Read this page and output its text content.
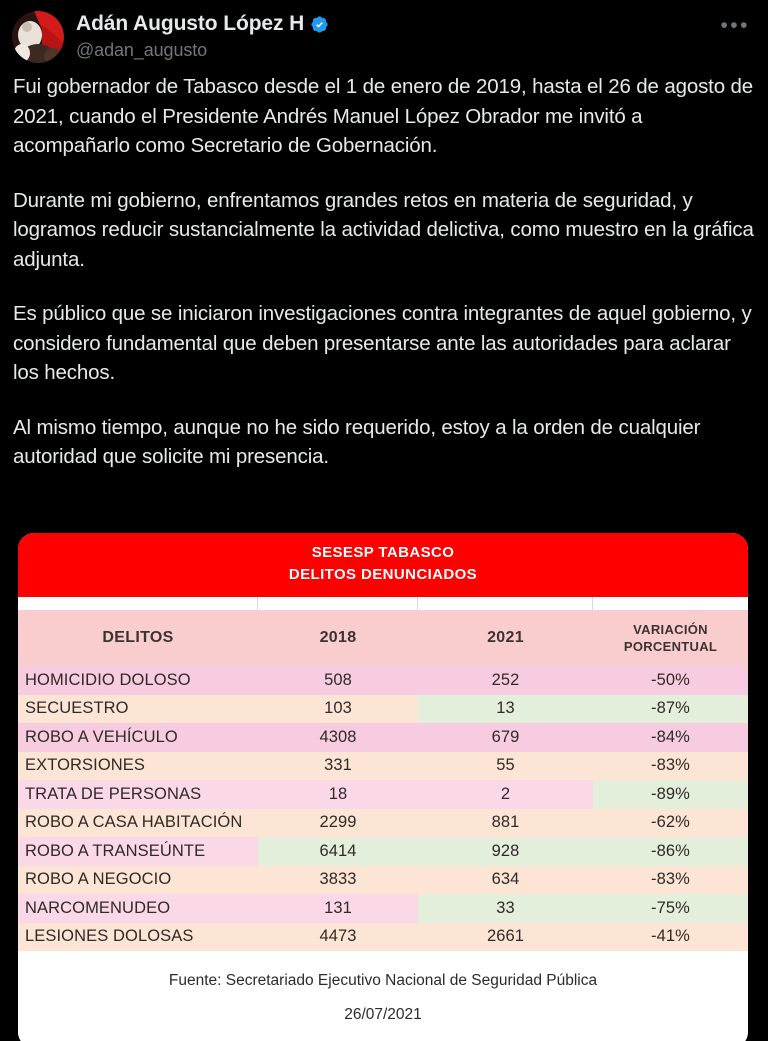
Adán Augusto López H
@adan_augusto
•••

Fui gobernador de Tabasco desde el 1 de enero de 2019, hasta el 26 de agosto de 2021, cuando el Presidente Andrés Manuel López Obrador me invitó a acompañarlo como Secretario de Gobernación.

Durante mi gobierno, enfrentamos grandes retos en materia de seguridad, y logramos reducir sustancialmente la actividad delictiva, como muestro en la gráfica adjunta.

Es público que se iniciaron investigaciones contra integrantes de aquel gobierno, y considero fundamental que deben presentarse ante las autoridades para aclarar los hechos.

Al mismo tiempo, aunque no he sido requerido, estoy a la orden de cualquier autoridad que solicite mi presencia.

SESESP TABASCO
DELITOS DENUNCIADOS
DELITOS	2018	2021	VARIACIÓN
PORCENTUAL
HOMICIDIO DOLOSO	508	252	-50%
SECUESTRO	103	13	-87%
ROBO A VEHÍCULO	4308	679	-84%
EXTORSIONES	331	55	-83%
TRATA DE PERSONAS	18	2	-89%
ROBO A CASA HABITACIÓN	2299	881	-62%
ROBO A TRANSEÚNTE	6414	928	-86%
ROBO A NEGOCIO	3833	634	-83%
NARCOMENUDEO	131	33	-75%
LESIONES DOLOSAS	4473	2661	-41%
Fuente: Secretariado Ejecutivo Nacional de Seguridad Pública
26/07/2021
